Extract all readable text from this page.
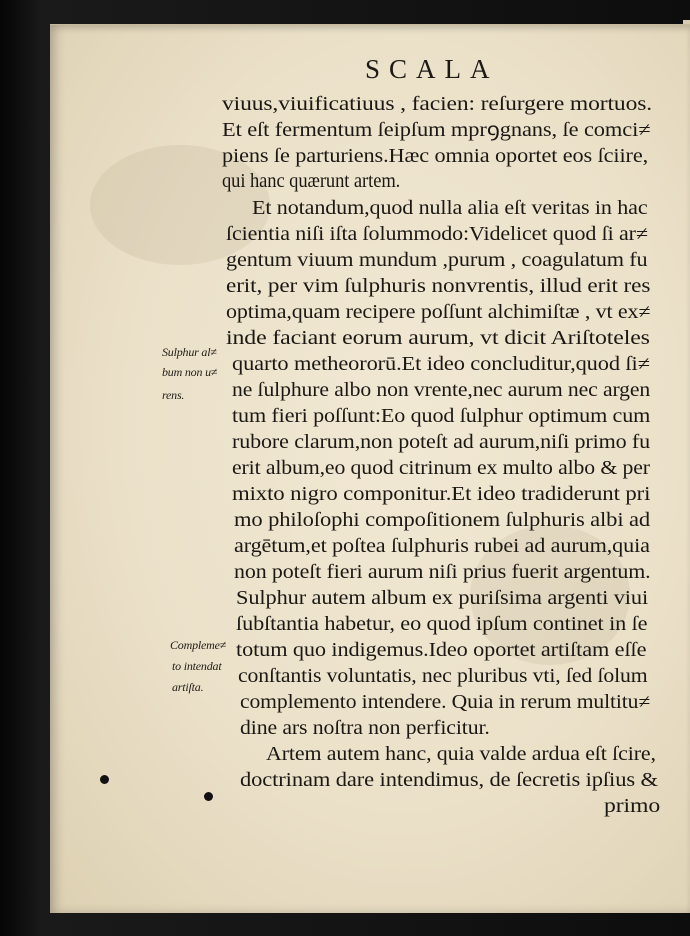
SCALA
viuus,viuificatiuus , facien: reſurgere mortuos.
Et eſt fermentum ſeipſum mprꝯgnans, ſe comci≠
piens ſe parturiens.Hæc omnia oportet eos ſciire,
qui hanc quærunt artem.
Et notandum,quod nulla alia eſt veritas in hac
ſcientia niſi iſta ſolummodo:Videlicet quod ſi ar≠
gentum viuum mundum ,purum , coagulatum fu
erit, per vim ſulphuris nonvrentis, illud erit res
optima,quam recipere poſſunt alchimiſtæ , vt ex≠
inde faciant eorum aurum, vt dicit Ariſtoteles
quarto metheororū.Et ideo concluditur,quod ſi≠
ne ſulphure albo non vrente,nec aurum nec argen
tum fieri poſſunt:Eo quod ſulphur optimum cum
rubore clarum,non poteſt ad aurum,niſi primo fu
erit album,eo quod citrinum ex multo albo & per
mixto nigro componitur.Et ideo tradiderunt pri
mo philoſophi compoſitionem ſulphuris albi ad
argētum,et poſtea ſulphuris rubei ad aurum,quia
non poteſt fieri aurum niſi prius fuerit argentum.
Sulphur autem album ex puriſsima argenti viui
ſubſtantia habetur, eo quod ipſum continet in ſe
totum quo indigemus.Ideo oportet artiſtam eſſe
conſtantis voluntatis, nec pluribus vti, ſed ſolum
complemento intendere. Quia in rerum multitu≠
dine ars noſtra non perficitur.
Artem autem hanc, quia valde ardua eſt ſcire,
doctrinam dare intendimus, de ſecretis ipſius &
primo
Sulphur al≠
bum non u≠
rens.
Compleme≠
to intendat
artiſta.
